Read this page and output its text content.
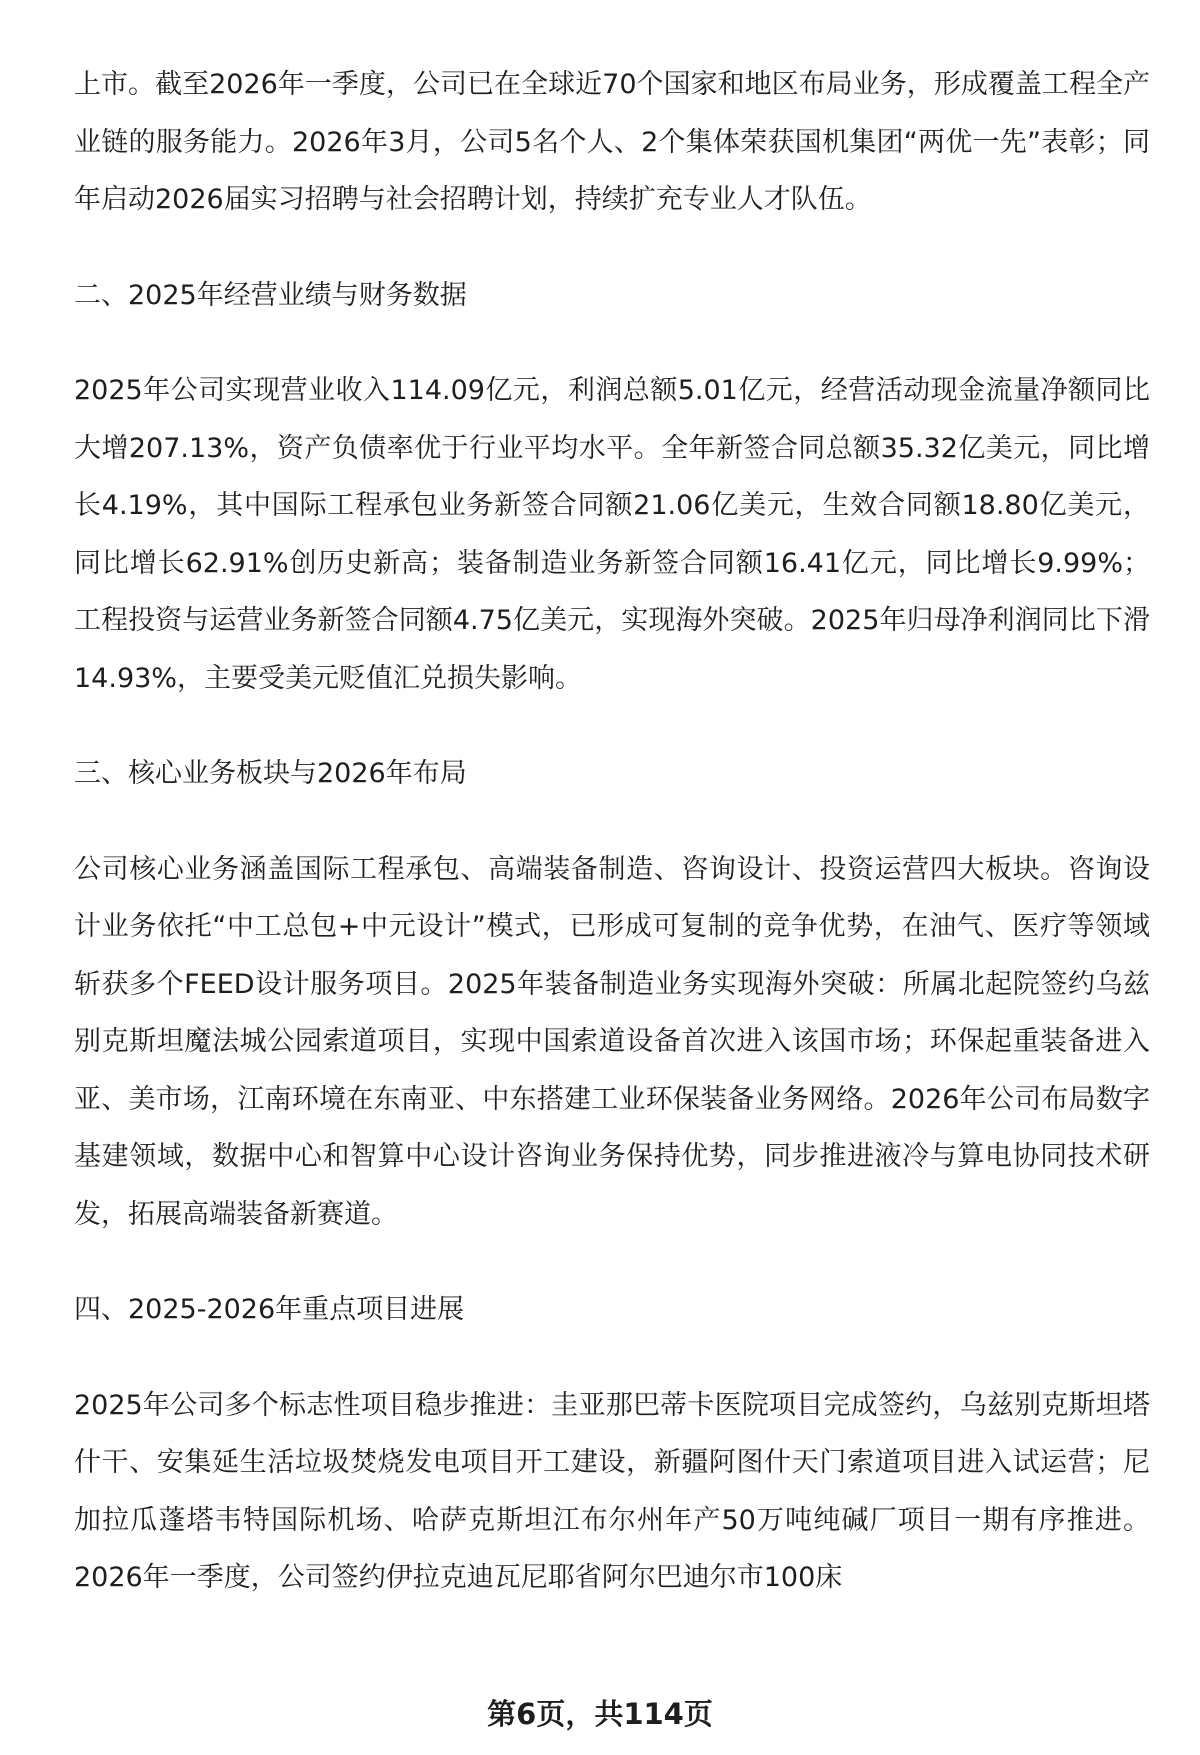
上市。截至2026年一季度，公司已在全球近70个国家和地区布局业务，形成覆盖工程全产业链的服务能力。2026年3月，公司5名个人、2个集体荣获国机集团“两优一先”表彰；同年启动2026届实习招聘与社会招聘计划，持续扩充专业人才队伍。

二、2025年经营业绩与财务数据

2025年公司实现营业收入114.09亿元，利润总额5.01亿元，经营活动现金流量净额同比大增207.13%，资产负债率优于行业平均水平。全年新签合同总额35.32亿美元，同比增长4.19%，其中国际工程承包业务新签合同额21.06亿美元，生效合同额18.80亿美元，同比增长62.91%创历史新高；装备制造业务新签合同额16.41亿元，同比增长9.99%；工程投资与运营业务新签合同额4.75亿美元，实现海外突破。2025年归母净利润同比下滑14.93%，主要受美元贬值汇兑损失影响。

三、核心业务板块与2026年布局

公司核心业务涵盖国际工程承包、高端装备制造、咨询设计、投资运营四大板块。咨询设计业务依托“中工总包+中元设计”模式，已形成可复制的竞争优势，在油气、医疗等领域斩获多个FEED设计服务项目。2025年装备制造业务实现海外突破：所属北起院签约乌兹别克斯坦魔法城公园索道项目，实现中国索道设备首次进入该国市场；环保起重装备进入亚、美市场，江南环境在东南亚、中东搭建工业环保装备业务网络。2026年公司布局数字基建领域，数据中心和智算中心设计咨询业务保持优势，同步推进液冷与算电协同技术研发，拓展高端装备新赛道。

四、2025-2026年重点项目进展

2025年公司多个标志性项目稳步推进：圭亚那巴蒂卡医院项目完成签约，乌兹别克斯坦塔什干、安集延生活垃圾焚烧发电项目开工建设，新疆阿图什天门索道项目进入试运营；尼加拉瓜蓬塔韦特国际机场、哈萨克斯坦江布尔州年产50万吨纯碱厂项目一期有序推进。2026年一季度，公司签约伊拉克迪瓦尼耶省阿尔巴迪尔市100床

第6页，共114页
